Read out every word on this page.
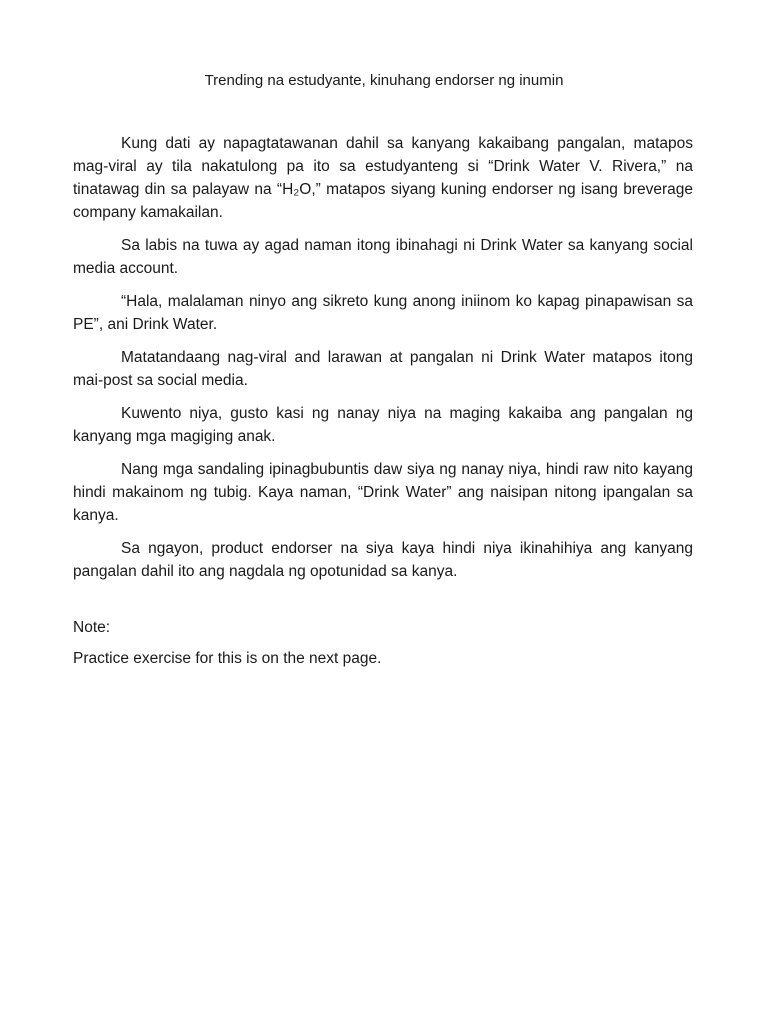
Trending na estudyante, kinuhang endorser ng inumin

Kung dati ay napagtatawanan dahil sa kanyang kakaibang pangalan, matapos mag-viral ay tila nakatulong pa ito sa estudyanteng si “Drink Water V. Rivera,” na tinatawag din sa palayaw na “H₂O,” matapos siyang kuning endorser ng isang breverage company kamakailan.

Sa labis na tuwa ay agad naman itong ibinahagi ni Drink Water sa kanyang social media account.

“Hala, malalaman ninyo ang sikreto kung anong iniinom ko kapag pinapawisan sa PE”, ani Drink Water.

Matatandaang nag-viral and larawan at pangalan ni Drink Water matapos itong mai-post sa social media.

Kuwento niya, gusto kasi ng nanay niya na maging kakaiba ang pangalan ng kanyang mga magiging anak.

Nang mga sandaling ipinagbubuntis daw siya ng nanay niya, hindi raw nito kayang hindi makainom ng tubig. Kaya naman, “Drink Water” ang naisipan nitong ipangalan sa kanya.

Sa ngayon, product endorser na siya kaya hindi niya ikinahihiya ang kanyang pangalan dahil ito ang nagdala ng opotunidad sa kanya.

Note:

Practice exercise for this is on the next page.
